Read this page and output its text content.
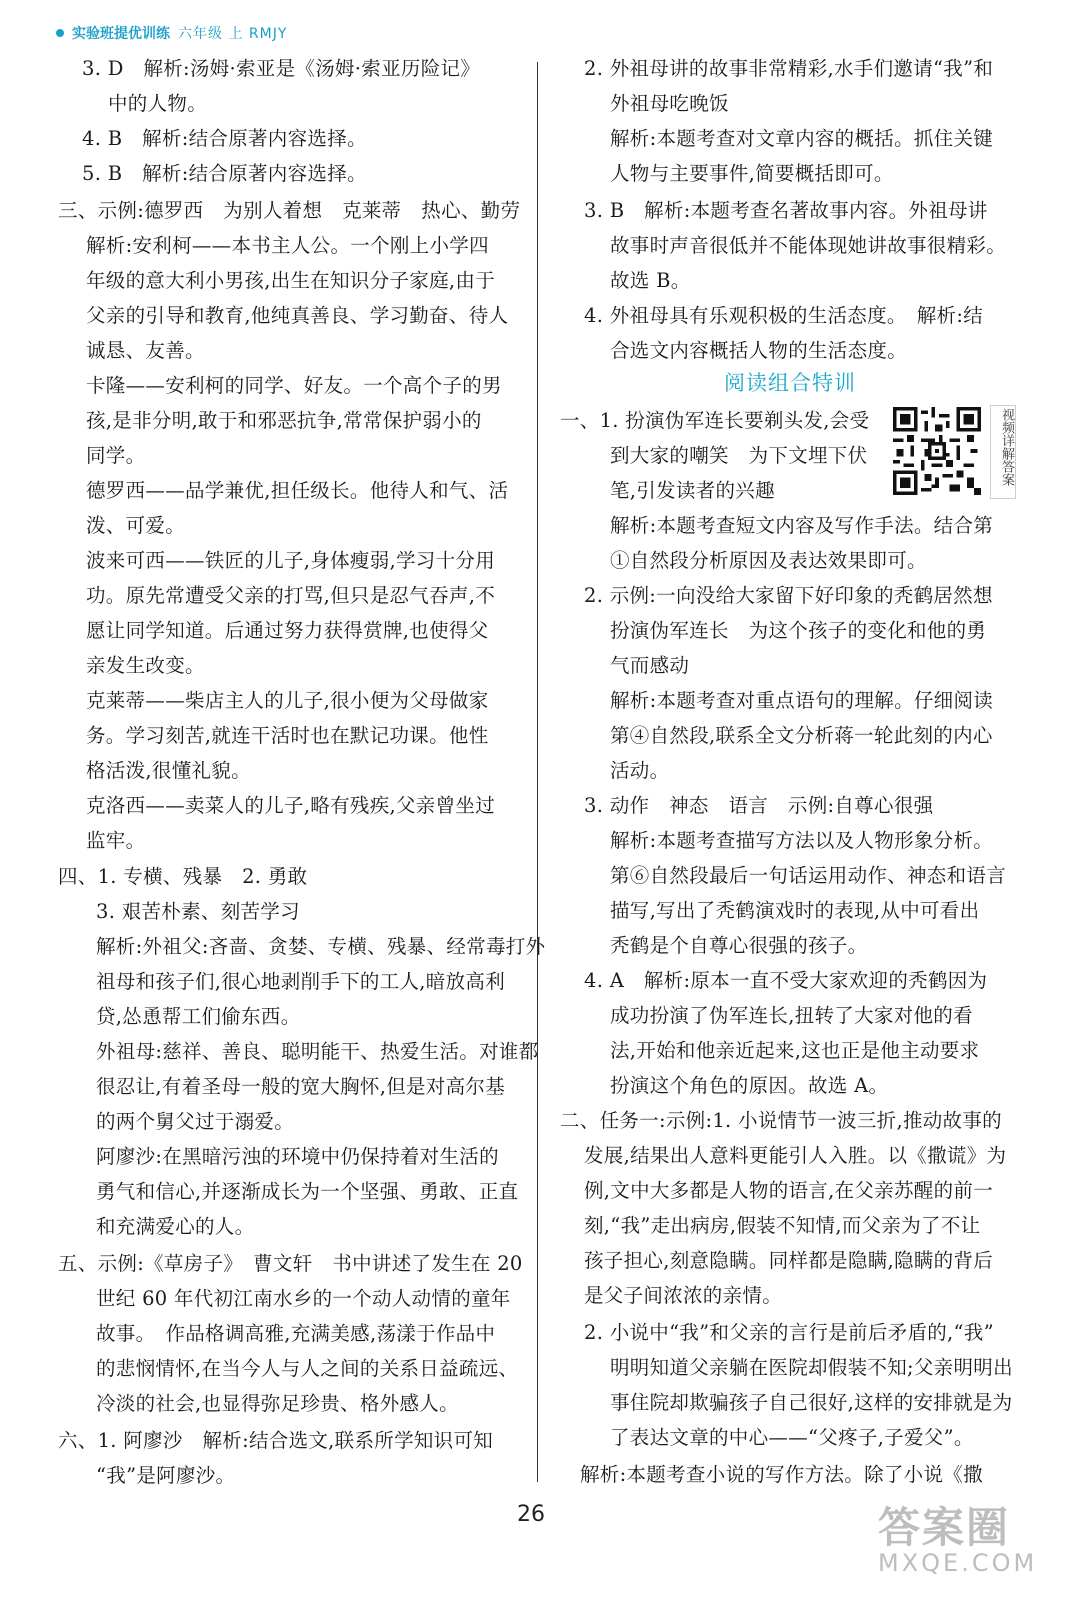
实验班提优训练 六年级 上 RMJY
3. D　解析:汤姆·索亚是《汤姆·索亚历险记》
中的人物。
4. B　解析:结合原著内容选择。
5. B　解析:结合原著内容选择。
三、示例:德罗西　为别人着想　克莱蒂　热心、勤劳
解析:安利柯——本书主人公。一个刚上小学四
年级的意大利小男孩,出生在知识分子家庭,由于
父亲的引导和教育,他纯真善良、学习勤奋、待人
诚恳、友善。
卡隆——安利柯的同学、好友。一个高个子的男
孩,是非分明,敢于和邪恶抗争,常常保护弱小的
同学。
德罗西——品学兼优,担任级长。他待人和气、活
泼、可爱。
波来可西——铁匠的儿子,身体瘦弱,学习十分用
功。原先常遭受父亲的打骂,但只是忍气吞声,不
愿让同学知道。后通过努力获得赏牌,也使得父
亲发生改变。
克莱蒂——柴店主人的儿子,很小便为父母做家
务。学习刻苦,就连干活时也在默记功课。他性
格活泼,很懂礼貌。
克洛西——卖菜人的儿子,略有残疾,父亲曾坐过
监牢。
四、1. 专横、残暴　2. 勇敢
3. 艰苦朴素、刻苦学习
解析:外祖父:吝啬、贪婪、专横、残暴、经常毒打外
祖母和孩子们,很心地剥削手下的工人,暗放高利
贷,怂恿帮工们偷东西。
外祖母:慈祥、善良、聪明能干、热爱生活。对谁都
很忍让,有着圣母一般的宽大胸怀,但是对高尔基
的两个舅父过于溺爱。
阿廖沙:在黑暗污浊的环境中仍保持着对生活的
勇气和信心,并逐渐成长为一个坚强、勇敢、正直
和充满爱心的人。
五、示例:《草房子》　曹文轩　书中讲述了发生在 20
世纪 60 年代初江南水乡的一个动人动情的童年
故事。　作品格调高雅,充满美感,荡漾于作品中
的悲悯情怀,在当今人与人之间的关系日益疏远、
冷淡的社会,也显得弥足珍贵、格外感人。
六、1. 阿廖沙　解析:结合选文,联系所学知识可知
“我”是阿廖沙。
阅读组合特训
视频详解答案
2. 外祖母讲的故事非常精彩,水手们邀请“我”和
外祖母吃晚饭
解析:本题考查对文章内容的概括。抓住关键
人物与主要事件,简要概括即可。
3. B　解析:本题考查名著故事内容。外祖母讲
故事时声音很低并不能体现她讲故事很精彩。
故选 B。
4. 外祖母具有乐观积极的生活态度。　解析:结
合选文内容概括人物的生活态度。
一、1. 扮演伪军连长要剃头发,会受
到大家的嘲笑　为下文埋下伏
笔,引发读者的兴趣
解析:本题考查短文内容及写作手法。结合第
①自然段分析原因及表达效果即可。
2. 示例:一向没给大家留下好印象的秃鹤居然想
扮演伪军连长　为这个孩子的变化和他的勇
气而感动
解析:本题考查对重点语句的理解。仔细阅读
第④自然段,联系全文分析蒋一轮此刻的内心
活动。
3. 动作　神态　语言　示例:自尊心很强
解析:本题考查描写方法以及人物形象分析。
第⑥自然段最后一句话运用动作、神态和语言
描写,写出了秃鹤演戏时的表现,从中可看出
秃鹤是个自尊心很强的孩子。
4. A　解析:原本一直不受大家欢迎的秃鹤因为
成功扮演了伪军连长,扭转了大家对他的看
法,开始和他亲近起来,这也正是他主动要求
扮演这个角色的原因。故选 A。
二、任务一:示例:1. 小说情节一波三折,推动故事的
发展,结果出人意料更能引人入胜。以《撒谎》为
例,文中大多都是人物的语言,在父亲苏醒的前一
刻,“我”走出病房,假装不知情,而父亲为了不让
孩子担心,刻意隐瞒。同样都是隐瞒,隐瞒的背后
是父子间浓浓的亲情。
2. 小说中“我”和父亲的言行是前后矛盾的,“我”
明明知道父亲躺在医院却假装不知;父亲明明出
事住院却欺骗孩子自己很好,这样的安排就是为
了表达文章的中心——“父疼子,子爱父”。
解析:本题考查小说的写作方法。除了小说《撒
26	答案圈
MXQE.COM
